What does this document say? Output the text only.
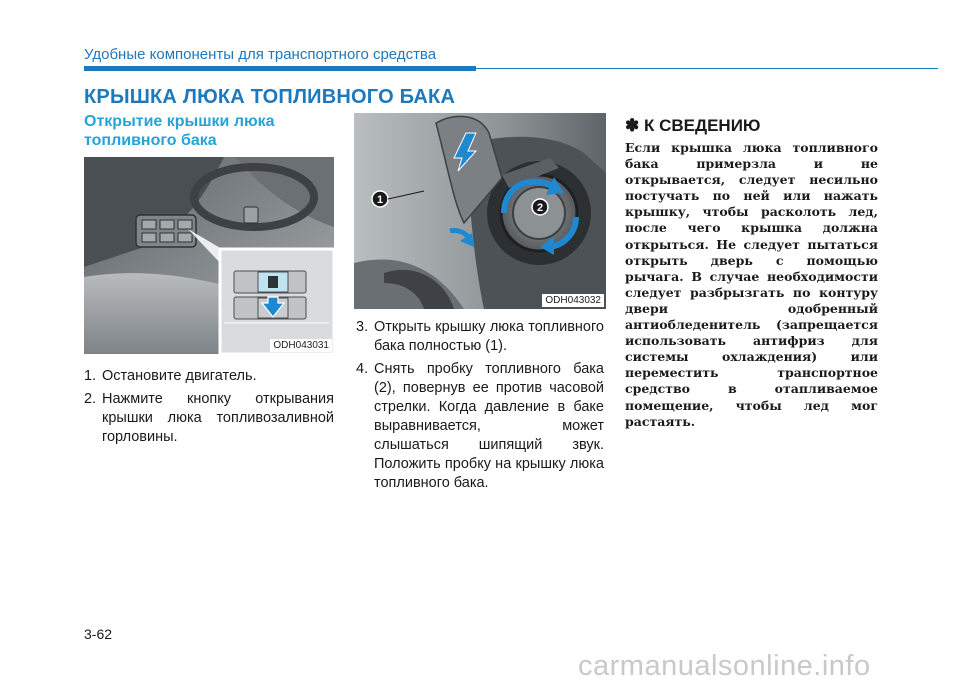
Удобные компоненты для транспортного средства
КРЫШКА ЛЮКА ТОПЛИВНОГО БАКА
Открытие крышки люка топливного бака
ODH043031
1
2
ODH043032
1. Остановите двигатель.
2. Нажмите кнопку открывания крышки люка топливозаливной горловины.
3. Открыть крышку люка топливного бака полностью (1).
4. Снять пробку топливного бака (2), повернув ее против часовой стрелки. Когда давление в баке выравнивается, может слышаться шипящий звук. Положить пробку на крышку люка топливного бака.
✽ К СВЕДЕНИЮ
Если крышка люка топливного бака примерзла и не открывается, следует несильно постучать по ней или нажать крышку, чтобы расколоть лед, после чего крышка должна открыться. Не следует пытаться открыть дверь с помощью рычага. В случае необходимости следует разбрызгать по контуру двери одобренный антиобледенитель (запрещается использовать антифриз для системы охлаждения) или переместить транспортное средство в отапливаемое помещение, чтобы лед мог растаять.
3-62
carmanualsonline.info
